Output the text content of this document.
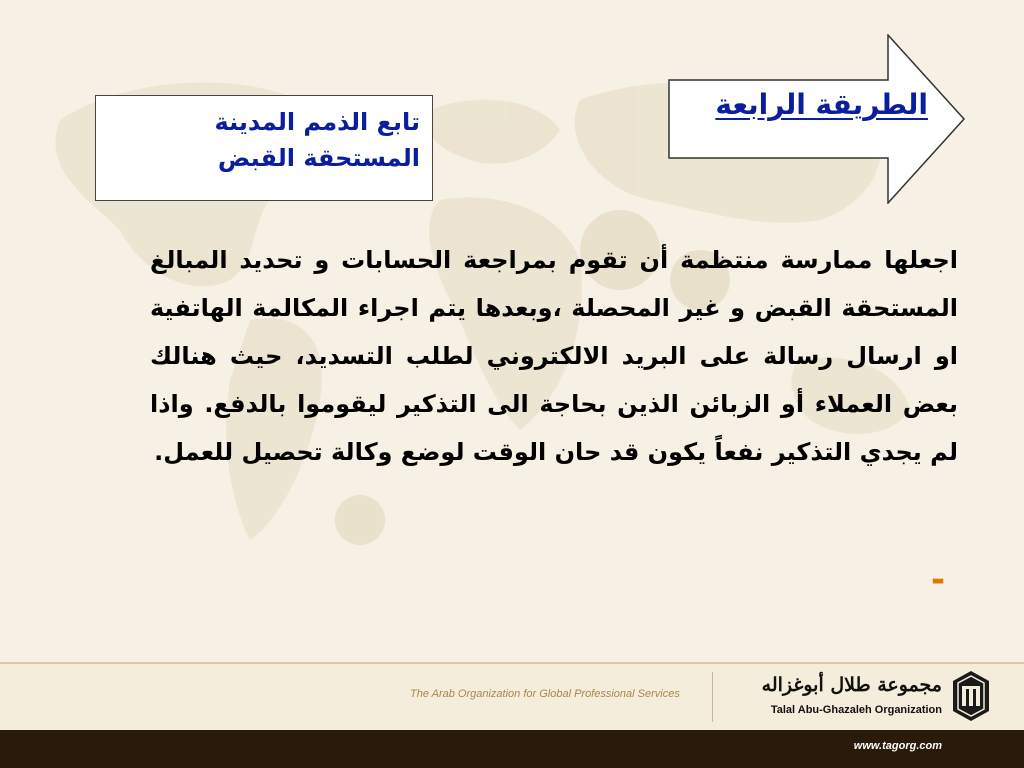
الطريقة الرابعة
تابع الذمم المدينة
المستحقة القبض
اجعلها ممارسة منتظمة أن تقوم بمراجعة الحسابات و تحديد المبالغ المستحقة القبض و غير المحصلة ،وبعدها يتم اجراء المكالمة الهاتفية او ارسال رسالة على البريد الالكتروني لطلب التسديد، حيث هنالك بعض العملاء أو الزبائن الذين بحاجة الى التذكير ليقوموا بالدفع. واذا لم يجدي التذكير نفعاً يكون قد حان الوقت لوضع وكالة تحصيل للعمل.
-
The Arab Organization for Global Professional Services	مجموعة طلال أبوغزاله
Talal Abu-Ghazaleh Organization
www.tagorg.com
